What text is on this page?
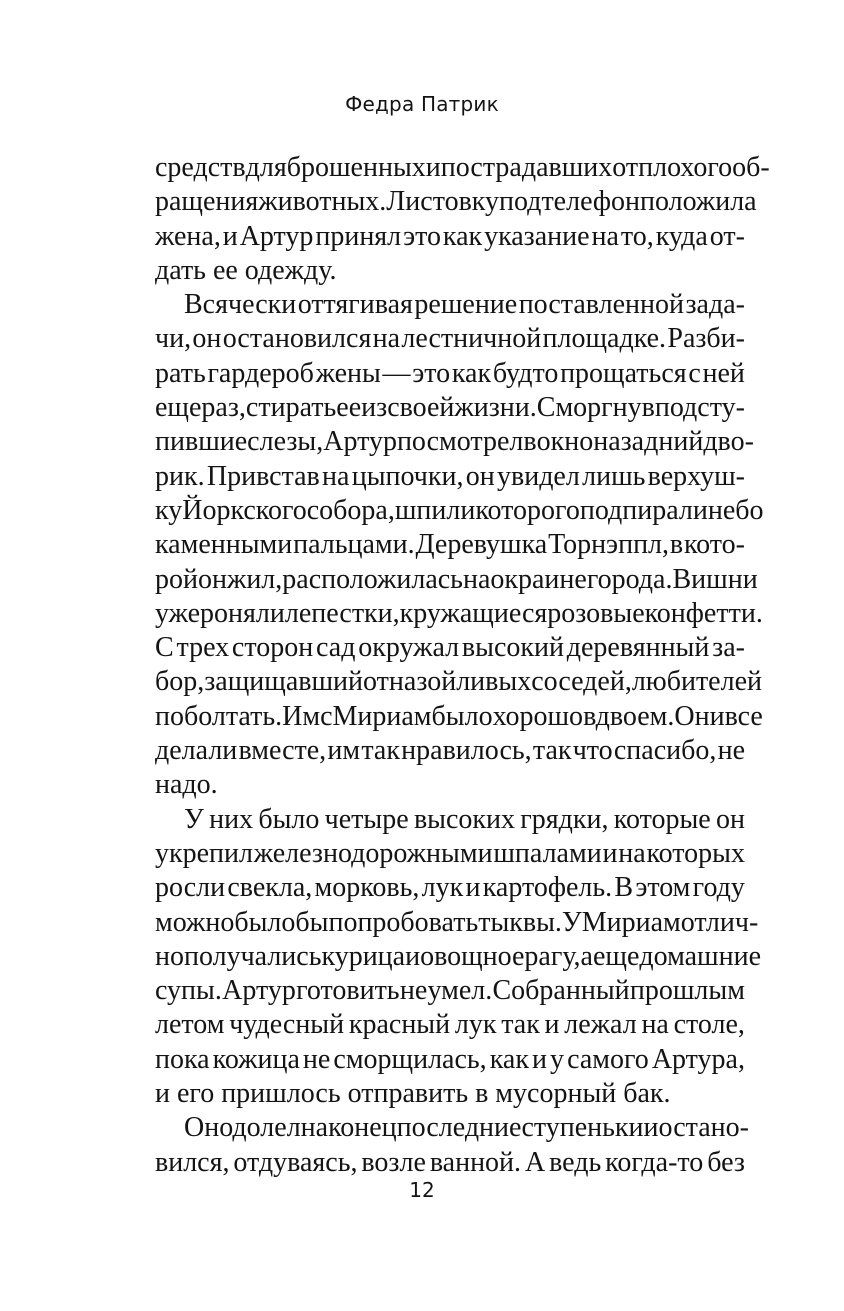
Федра Патрик
средств для брошенных и пострадавших от плохого об-
ращения животных. Листовку под телефон положила
жена, и Артур принял это как указание на то, куда от-
дать ее одежду.
Всячески оттягивая решение поставленной зада-
чи, он остановился на лестничной площадке. Разби-
рать гардероб жены — это как будто прощаться с ней
еще раз, стирать ее из своей жизни. Сморгнув подсту-
пившие слезы, Артур посмотрел в окно на задний дво-
рик. Привстав на цыпочки, он увидел лишь верхуш-
ку Йоркского собора, шпили которого подпирали небо
каменными пальцами. Деревушка Торнэппл, в кото-
рой он жил, расположилась на окраине города. Вишни
уже роняли лепестки, кружащиеся розовые конфетти.
С трех сторон сад окружал высокий деревянный за-
бор, защищавший от назойливых соседей, любителей
поболтать. Им с Мириам было хорошо вдвоем. Они все
делали вместе, им так нравилось, так что спасибо, не
надо.
У них было четыре высоких грядки, которые он
укрепил железнодорожными шпалами и на которых
росли свекла, морковь, лук и картофель. В этом году
можно было бы попробовать тыквы. У Мириам отлич-
но получались курица и овощное рагу, а еще домашние
супы. Артур готовить не умел. Собранный прошлым
летом чудесный красный лук так и лежал на столе,
пока кожица не сморщилась, как и у самого Артура,
и его пришлось отправить в мусорный бак.
Он одолел наконец последние ступеньки и остано-
вился, отдуваясь, возле ванной. А ведь когда-то без
12
